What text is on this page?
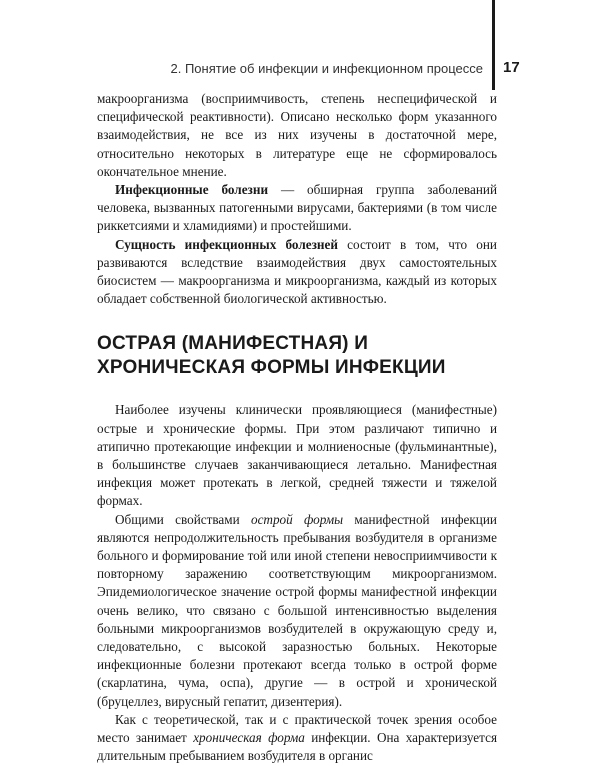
2. Понятие об инфекции и инфекционном процессе 17

макроорганизма (восприимчивость, степень неспецифической и специфической реактивности). Описано несколько форм указанного взаимодействия, не все из них изучены в достаточной мере, относительно некоторых в литературе еще не сформировалось окончательное мнение.

Инфекционные болезни — обширная группа заболеваний человека, вызванных патогенными вирусами, бактериями (в том числе риккетсиями и хламидиями) и простейшими.

Сущность инфекционных болезней состоит в том, что они развиваются вследствие взаимодействия двух самостоятельных биосистем — макроорганизма и микроорганизма, каждый из которых обладает собственной биологической активностью.

ОСТРАЯ (МАНИФЕСТНАЯ) И ХРОНИЧЕСКАЯ ФОРМЫ ИНФЕКЦИИ

Наиболее изучены клинически проявляющиеся (манифестные) острые и хронические формы. При этом различают типично и атипично протекающие инфекции и молниеносные (фульминантные), в большинстве случаев заканчивающиеся летально. Манифестная инфекция может протекать в легкой, средней тяжести и тяжелой формах.

Общими свойствами острой формы манифестной инфекции являются непродолжительность пребывания возбудителя в организме больного и формирование той или иной степени невосприимчивости к повторному заражению соответствующим микроорганизмом. Эпидемиологическое значение острой формы манифестной инфекции очень велико, что связано с большой интенсивностью выделения больными микроорганизмов возбудителей в окружающую среду и, следовательно, с высокой заразностью больных. Некоторые инфекционные болезни протекают всегда только в острой форме (скарлатина, чума, оспа), другие — в острой и хронической (бруцеллез, вирусный гепатит, дизентерия).

Как с теоретической, так и с практической точек зрения особое место занимает хроническая форма инфекции. Она характеризуется длительным пребыванием возбудителя в органиc
